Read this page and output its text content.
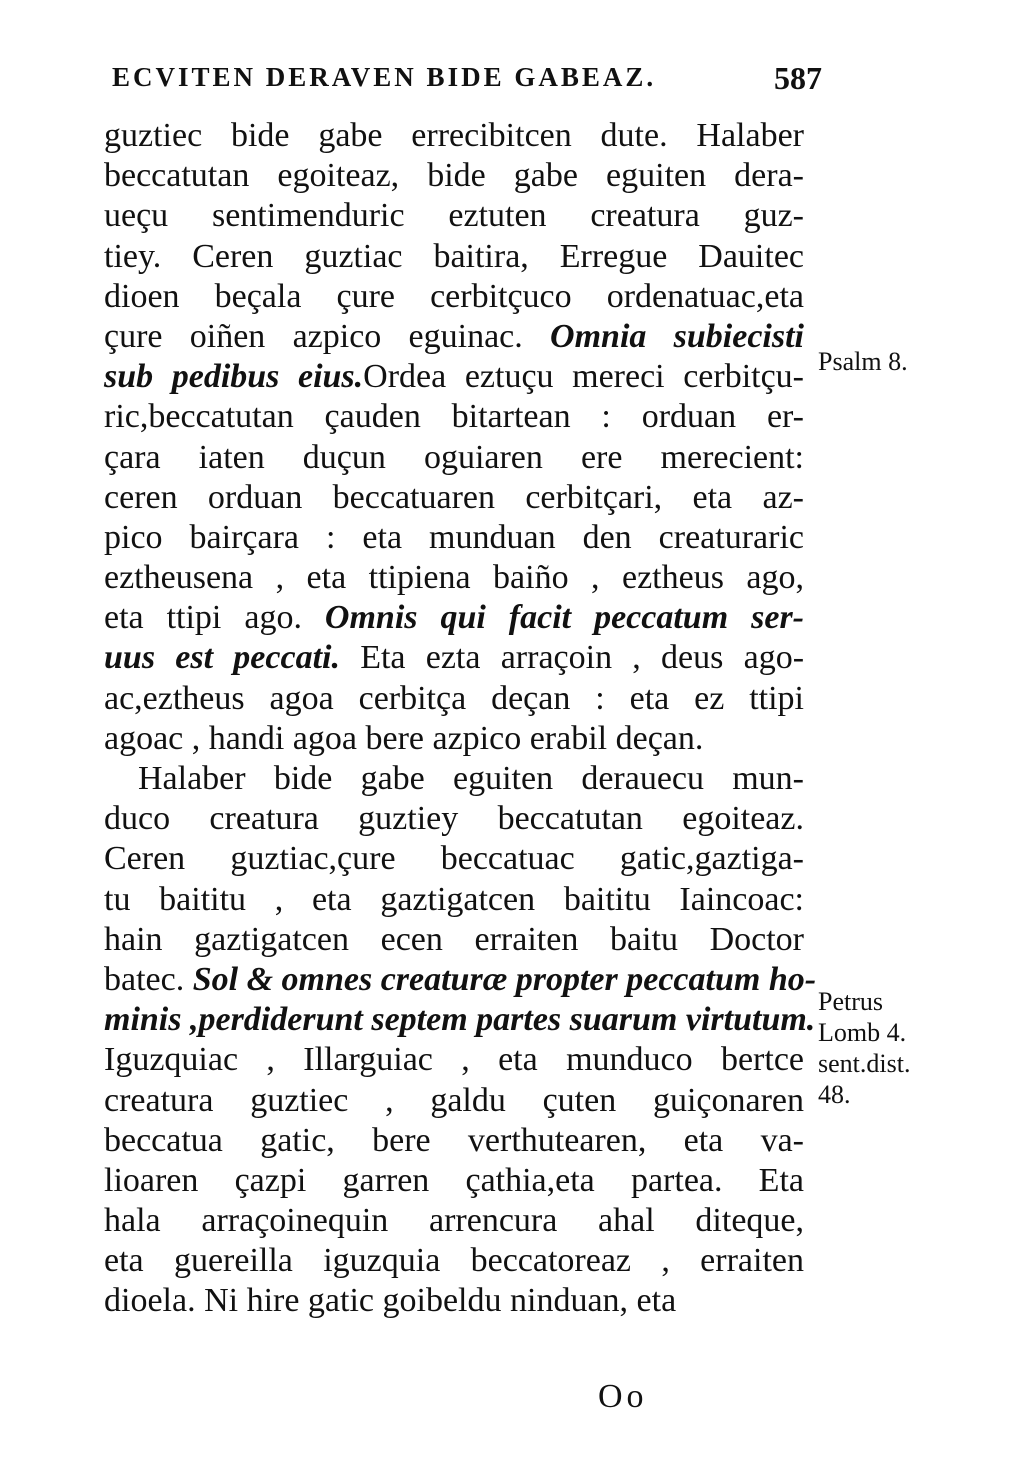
ECVITEN DERAVEN BIDE GABEAZ.	587
guztiec bide gabe errecibitcen dute. Halaber
beccatutan egoiteaz, bide gabe eguiten dera-
ueçu sentimenduric eztuten creatura guz-
tiey. Ceren guztiac baitira, Erregue Dauitec
dioen beçala çure cerbitçuco ordenatuac,eta
çure oiñen azpico eguinac. Omnia subiecisti
sub pedibus eius.Ordea eztuçu mereci cerbitçu-
ric,beccatutan çauden bitartean : orduan er-
çara iaten duçun oguiaren ere merecient:
ceren orduan beccatuaren cerbitçari, eta az-
pico bairçara : eta munduan den creaturaric
eztheusena , eta ttipiena baiño , eztheus ago,
eta ttipi ago. Omnis qui facit peccatum ser-
uus est peccati. Eta ezta arraçoin , deus ago-
ac,eztheus agoa cerbitça deçan : eta ez ttipi
agoac , handi agoa bere azpico erabil deçan.
Halaber bide gabe eguiten derauecu mun-
duco creatura guztiey beccatutan egoiteaz.
Ceren guztiac,çure beccatuac gatic,gaztiga-
tu baititu , eta gaztigatcen baititu Iaincoac:
hain gaztigatcen ecen erraiten baitu Doctor
batec. Sol & omnes creaturæ propter peccatum ho-
minis ,perdiderunt septem partes suarum virtutum.
Iguzquiac , Illarguiac , eta munduco bertce
creatura guztiec , galdu çuten guiçonaren
beccatua gatic, bere verthutearen, eta va-
lioaren çazpi garren çathia,eta partea. Eta
hala arraçoinequin arrencura ahal diteque,
eta guereilla iguzquia beccatoreaz , erraiten
dioela. Ni hire gatic goibeldu ninduan, eta
Psalm 8.
Petrus
Lomb 4.
sent.dist.
48.
Oo
